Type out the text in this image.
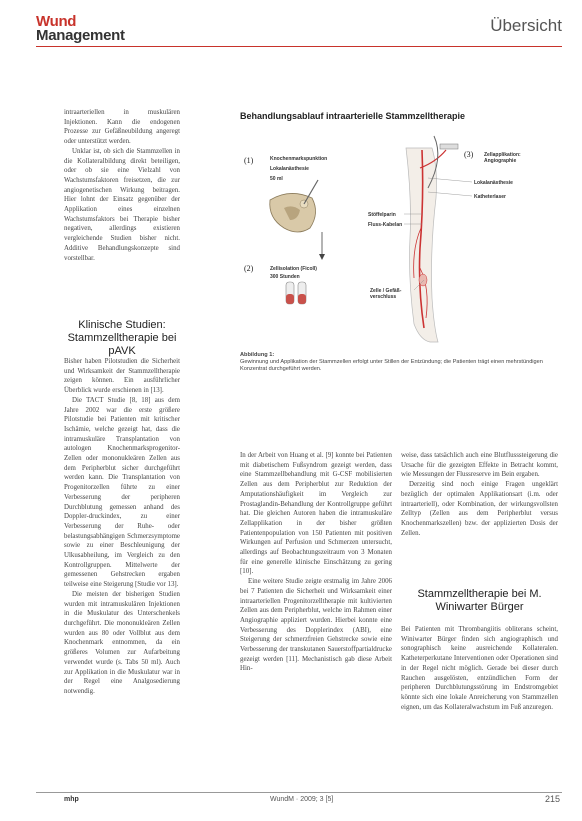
Wund
Management
Übersicht

intraarteriellen in muskulären Injektionen. Kann die endogenen Prozesse zur Gefäßneubildung angeregt oder unterstützt werden.

Unklar ist, ob sich die Stammzellen in die Kollateralbildung direkt beteiligen, oder ob sie eine Vielzahl von Wachstumsfaktoren freisetzen, die zur angiogenetischen Wirkung beitragen. Hier lohnt der Einsatz gegenüber der Applikation eines einzelnen Wachstumsfaktors bei Therapie bisher negativen, allerdings existieren vergleichende Studien bisher nicht. Additive Behandlungskonzepte sind vorstellbar.

Klinische Studien: Stammzelltherapie bei pAVK

Bisher haben Pilotstudien die Sicherheit und Wirksamkeit der Stammzelltherapie zeigen können. Ein ausführlicher Überblick wurde erschienen in [13].

Die TACT Studie [8, 18] aus dem Jahre 2002 war die erste größere Pilotstudie bei Patienten mit kritischer Ischämie, welche gezeigt hat, dass die intramuskuläre Transplantation von autologen Knochenmarksprogenitor-Zellen oder mononukleären Zellen aus dem Peripherblut sicher durchgeführt werden kann. Die Transplantation von Progenitorzellen führte zu einer Verbesserung der peripheren Durchblutung gemessen anhand des Doppler-druckindex, zu einer Verbesserung der Ruhe- oder belastungsabhängigen Schmerzsymptome sowie zu einer Beschleunigung der Ulkusabheilung, im Vergleich zu den Kontrollgruppen. Mittelwerte der gemessenen Gehstrecken ergaben teilweise eine Steigerung [Studie vor 13].

Die meisten der bisherigen Studien wurden mit intramuskulären Injektionen in die Muskulatur des Unterschenkels durchgeführt. Die mononukleären Zellen wurden aus 80 oder Vollblut aus dem Knochenmark entnommen, da ein größeres Volumen zur Aufarbeitung verwendet wurde (s. Tabs 50 ml). Auch zur Applikation in die Muskulatur war in der Regel eine Analgosedierung notwendig.

Behandlungsablauf intraarterielle Stammzelltherapie
(1)	Knochenmarkspunktion
Lokalanästhesie
50 ml
(2)	Zellisolation (Ficoll)
300 Stunden
(3) Zellapplikation: Angiographie
Lokalanästhesie
Katheterlaser
Stöffelparin
Fluss-Kabelan
Zelle / Gefäß-verschluss
Abbildung 1:
Gewinnung und Applikation der Stammzellen erfolgt unter Stillen der Entzündung; die Patienten trägt einen mehrstündigen Konzentrat durchgeführt werden.

In der Arbeit von Huang et al. [9] konnte bei Patienten mit diabetischem Fußsyndrom gezeigt werden, dass eine Stammzellbehandlung mit G-CSF mobilisierten Zellen aus dem Peripherblut zur Reduktion der Amputationshäufigkeit im Vergleich zur Prostaglandin-Behandlung der Kontrollgruppe geführt hat. Die gleichen Autoren haben die intramuskuläre Zellapplikation in der bisher größten Patientenpopulation von 150 Patienten mit positiven Wirkungen auf Perfusion und Schmerzen untersucht, allerdings auf Beobachtungszeitraum von 3 Monaten für eine generelle klinische Einschätzung zu gering [10].

Eine weitere Studie zeigte erstmalig im Jahre 2006 bei 7 Patienten die Sicherheit und Wirksamkeit einer intraarteriellen Progenitorzelltherapie mit kultivierten Zellen aus dem Peripherblut, welche im Rahmen einer Angiographie appliziert wurden. Hierbei konnte eine Verbesserung des Dopplerindex (ABI), eine Steigerung der schmerzfreien Gehstrecke sowie eine Verbesserung der transkutanen Sauerstoffpartialdrucke gezeigt werden [11]. Mechanistisch gab diese Arbeit Hin-

weise, dass tatsächlich auch eine Blutflusssteigerung die Ursache für die gezeigten Effekte in Betracht kommt, wie Messungen der Flussreserve im Bein ergaben.

Derzeitig sind noch einige Fragen ungeklärt bezüglich der optimalen Applikationsart (i.m. oder intraarteriell), oder Kombination, der wirkungsvollsten Zelltyp (Zellen aus dem Peripherblut versus Knochenmarkszellen) bzw. der applizierten Dosis der Zellen.

Stammzelltherapie bei M. Winiwarter Bürger

Bei Patienten mit Thrombangiitis obliterans scheint, Winiwarter Bürger finden sich angiographisch und sonographisch keine ausreichende Kollateralen. Katheterperkutane Interventionen oder Operationen sind in der Regel nicht möglich. Gerade bei dieser durch Rauchen ausgelösten, entzündlichen Form der peripheren Durchblutungsstörung im Endstromgebiet könnte sich eine lokale Anreicherung von Stammzellen eignen, um das Kollateralwachstum im Fuß anzuregen.

mhp	WundM · 2009; 3 [5]	215
